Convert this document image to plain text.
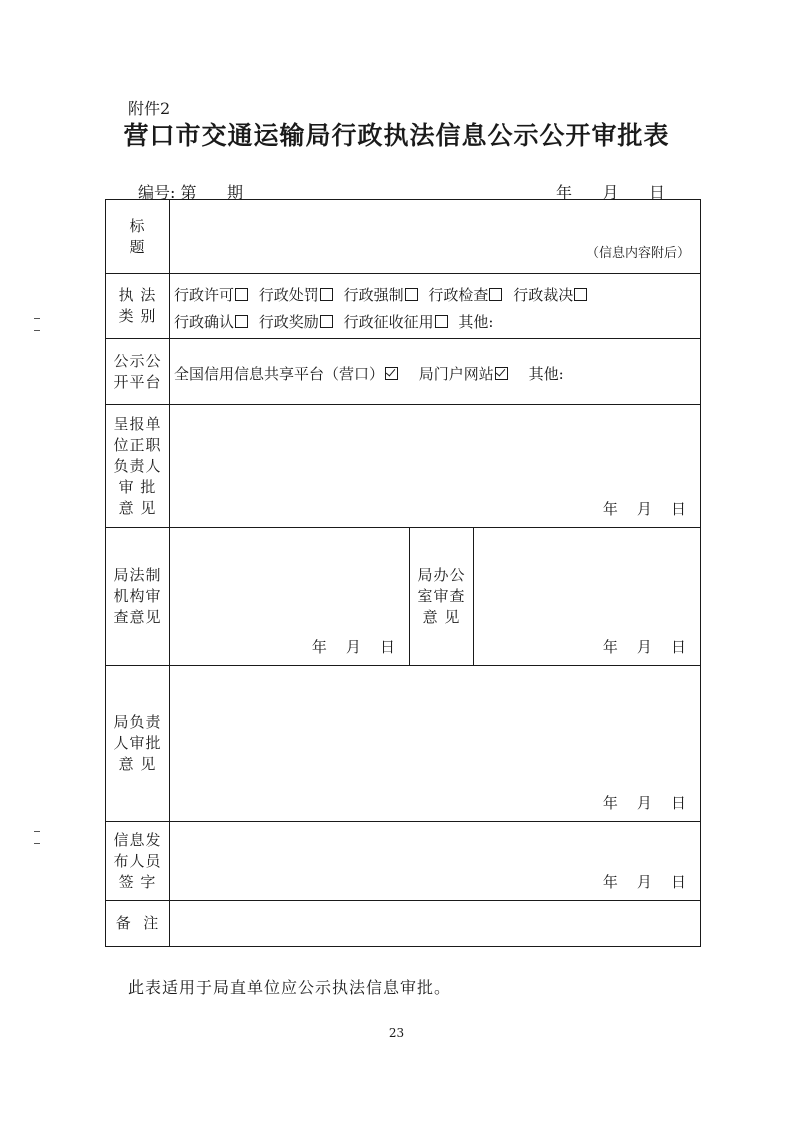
附件2
营口市交通运输局行政执法信息公示公开审批表
编号: 第 期	年      月      日
标
题	（信息内容附后）		

执 法
类 别	行政许可 行政处罚 行政强制 行政检查 行政裁决
行政确认 行政奖励 行政征收征用 其他:		

公示公
开平台	全国信用信息共享平台（营口） 局门户网站 其他:		

呈报单
位正职
负责人
审 批
意 见	年    月    日		

局法制
机构审
查意见	年    月    日	局办公
室审查
意 见	年    月    日

局负责
人审批
意 见	年    月    日		

信息发
布人员
签 字	年    月    日		

备 注			
此表适用于局直单位应公示执法信息审批。
23
